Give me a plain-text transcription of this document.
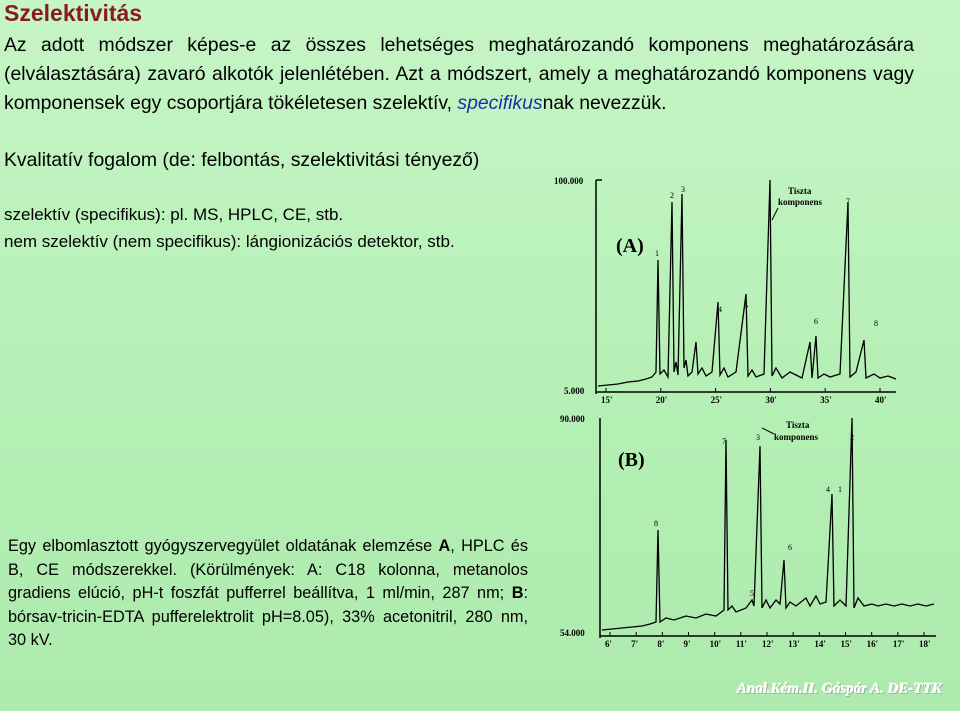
Szelektivitás
Az adott módszer képes-e az összes lehetséges meghatározandó komponens meghatározására (elválasztására) zavaró alkotók jelenlétében. Azt a módszert, amely a meghatározandó komponens vagy komponensek egy csoportjára tökéletesen szelektív, specifikusnak nevezzük.
Kvalitatív fogalom (de: felbontás, szelektivitási tényező)
szelektív (specifikus): pl. MS, HPLC, CE, stb.
nem szelektív (nem specifikus): lángionizációs detektor, stb.
100.000
5.000
15'	20'	25'	30'	35'	40'
(A)
Tiszta
komponens
1
2
3
4	5
6
7
8
90.000
54.000
6' 7' 8' 9' 10' 11' 12' 13' 14' 15' 16' 17' 18'
(B)
Tiszta
komponens
8
7	3	2
4 1
5
6
Egy elbomlasztott gyógyszervegyület oldatának elemzése A, HPLC és B, CE módszerekkel. (Körülmények: A: C18 kolonna, metanolos gradiens elúció, pH-t foszfát pufferrel beállítva, 1 ml/min, 287 nm; B: bórsav-tricin-EDTA pufferelektrolit pH=8.05), 33% acetonitril, 280 nm, 30 kV.
Anal.Kém.II. Gáspár A. DE-TTK
